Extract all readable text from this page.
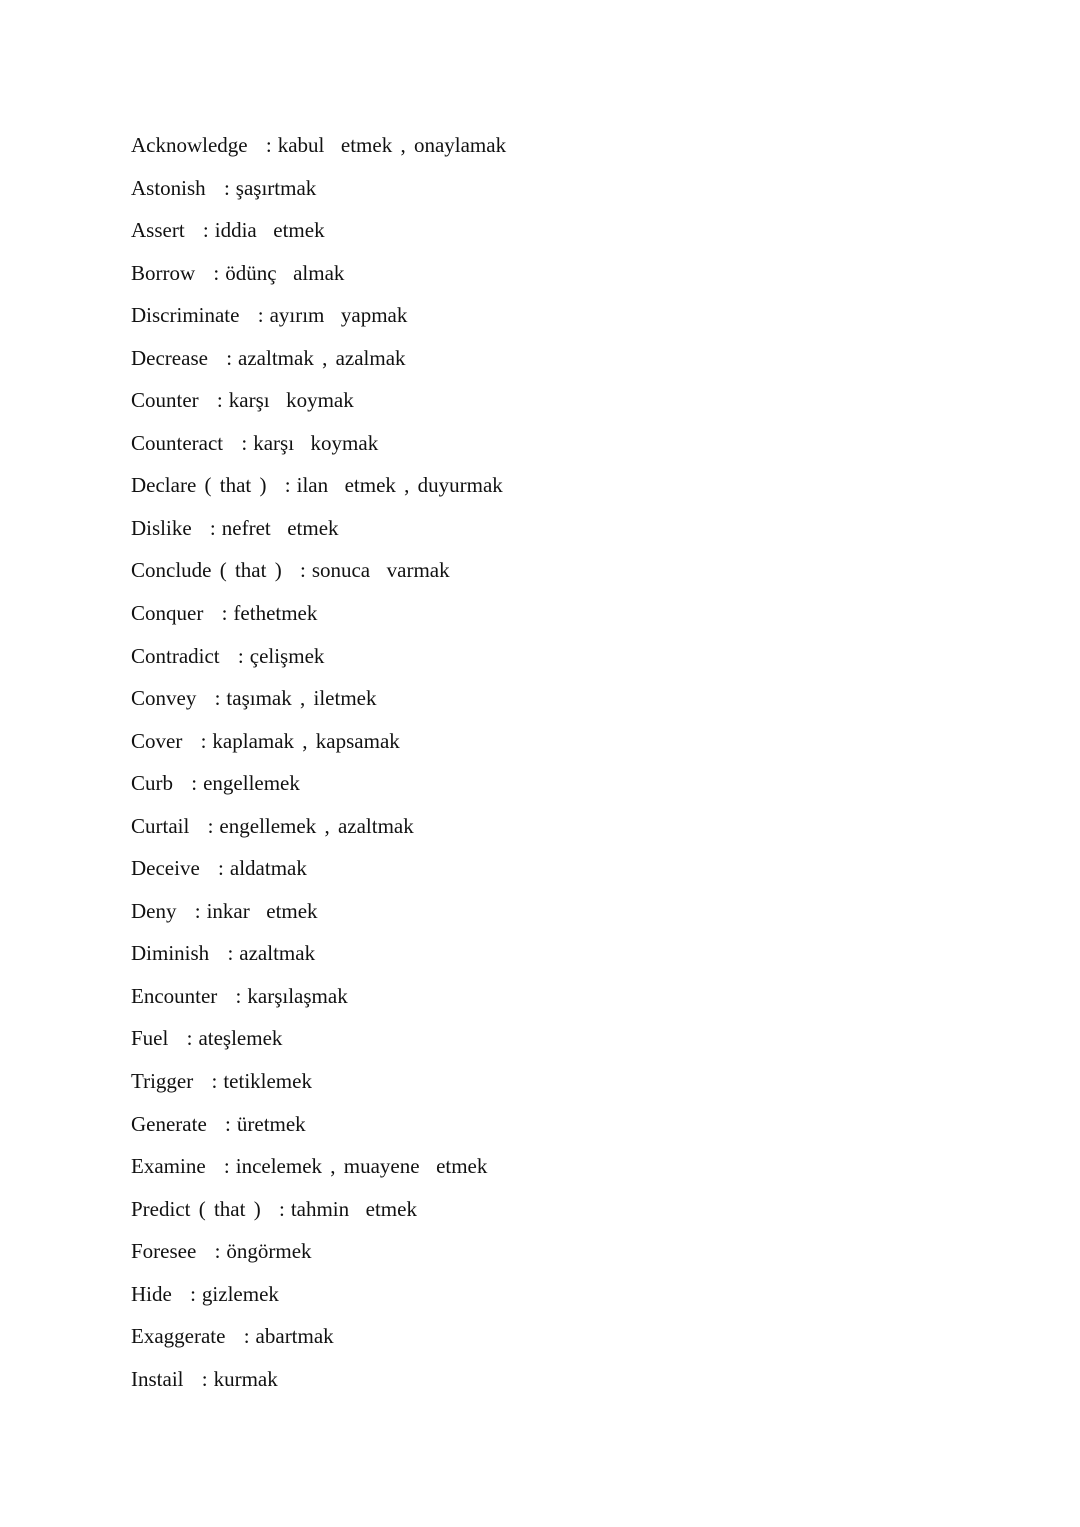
Acknowledge : kabul  etmek , onaylamak
Astonish : şaşırtmak
Assert : iddia  etmek
Borrow : ödünç  almak
Discriminate : ayırım  yapmak
Decrease : azaltmak , azalmak
Counter : karşı  koymak
Counteract : karşı  koymak
Declare ( that ) : ilan  etmek , duyurmak
Dislike : nefret  etmek
Conclude ( that ) : sonuca  varmak
Conquer : fethetmek
Contradict : çelişmek
Convey : taşımak , iletmek
Cover : kaplamak , kapsamak
Curb : engellemek
Curtail : engellemek , azaltmak
Deceive : aldatmak
Deny : inkar  etmek
Diminish : azaltmak
Encounter : karşılaşmak
Fuel : ateşlemek
Trigger : tetiklemek
Generate : üretmek
Examine : incelemek , muayene  etmek
Predict ( that ) : tahmin  etmek
Foresee : öngörmek
Hide : gizlemek
Exaggerate : abartmak
Instail : kurmak
